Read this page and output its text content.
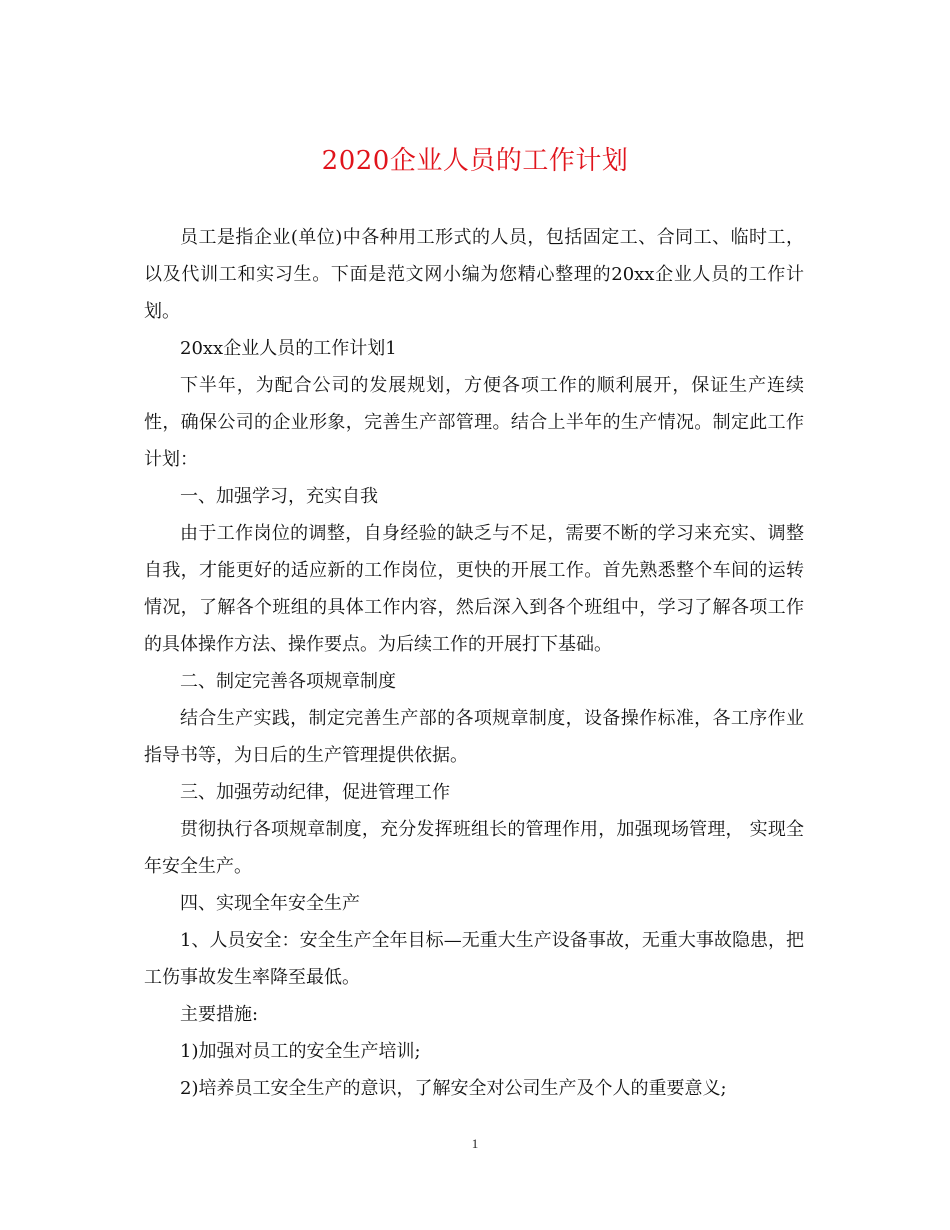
2020企业人员的工作计划

员工是指企业(单位)中各种用工形式的人员，包括固定工、合同工、临时工，以及代训工和实习生。下面是范文网小编为您精心整理的20xx企业人员的工作计划。

20xx企业人员的工作计划1

下半年，为配合公司的发展规划，方便各项工作的顺利展开，保证生产连续性，确保公司的企业形象，完善生产部管理。结合上半年的生产情况。制定此工作计划：

一、加强学习，充实自我

由于工作岗位的调整，自身经验的缺乏与不足，需要不断的学习来充实、调整自我，才能更好的适应新的工作岗位，更快的开展工作。首先熟悉整个车间的运转情况，了解各个班组的具体工作内容，然后深入到各个班组中，学习了解各项工作的具体操作方法、操作要点。为后续工作的开展打下基础。

二、制定完善各项规章制度

结合生产实践，制定完善生产部的各项规章制度，设备操作标准，各工序作业指导书等，为日后的生产管理提供依据。

三、加强劳动纪律，促进管理工作

贯彻执行各项规章制度，充分发挥班组长的管理作用，加强现场管理， 实现全年安全生产。

四、实现全年安全生产

1、人员安全：安全生产全年目标—无重大生产设备事故，无重大事故隐患，把工伤事故发生率降至最低。

主要措施:

1)加强对员工的安全生产培训;

2)培养员工安全生产的意识，了解安全对公司生产及个人的重要意义;

1
